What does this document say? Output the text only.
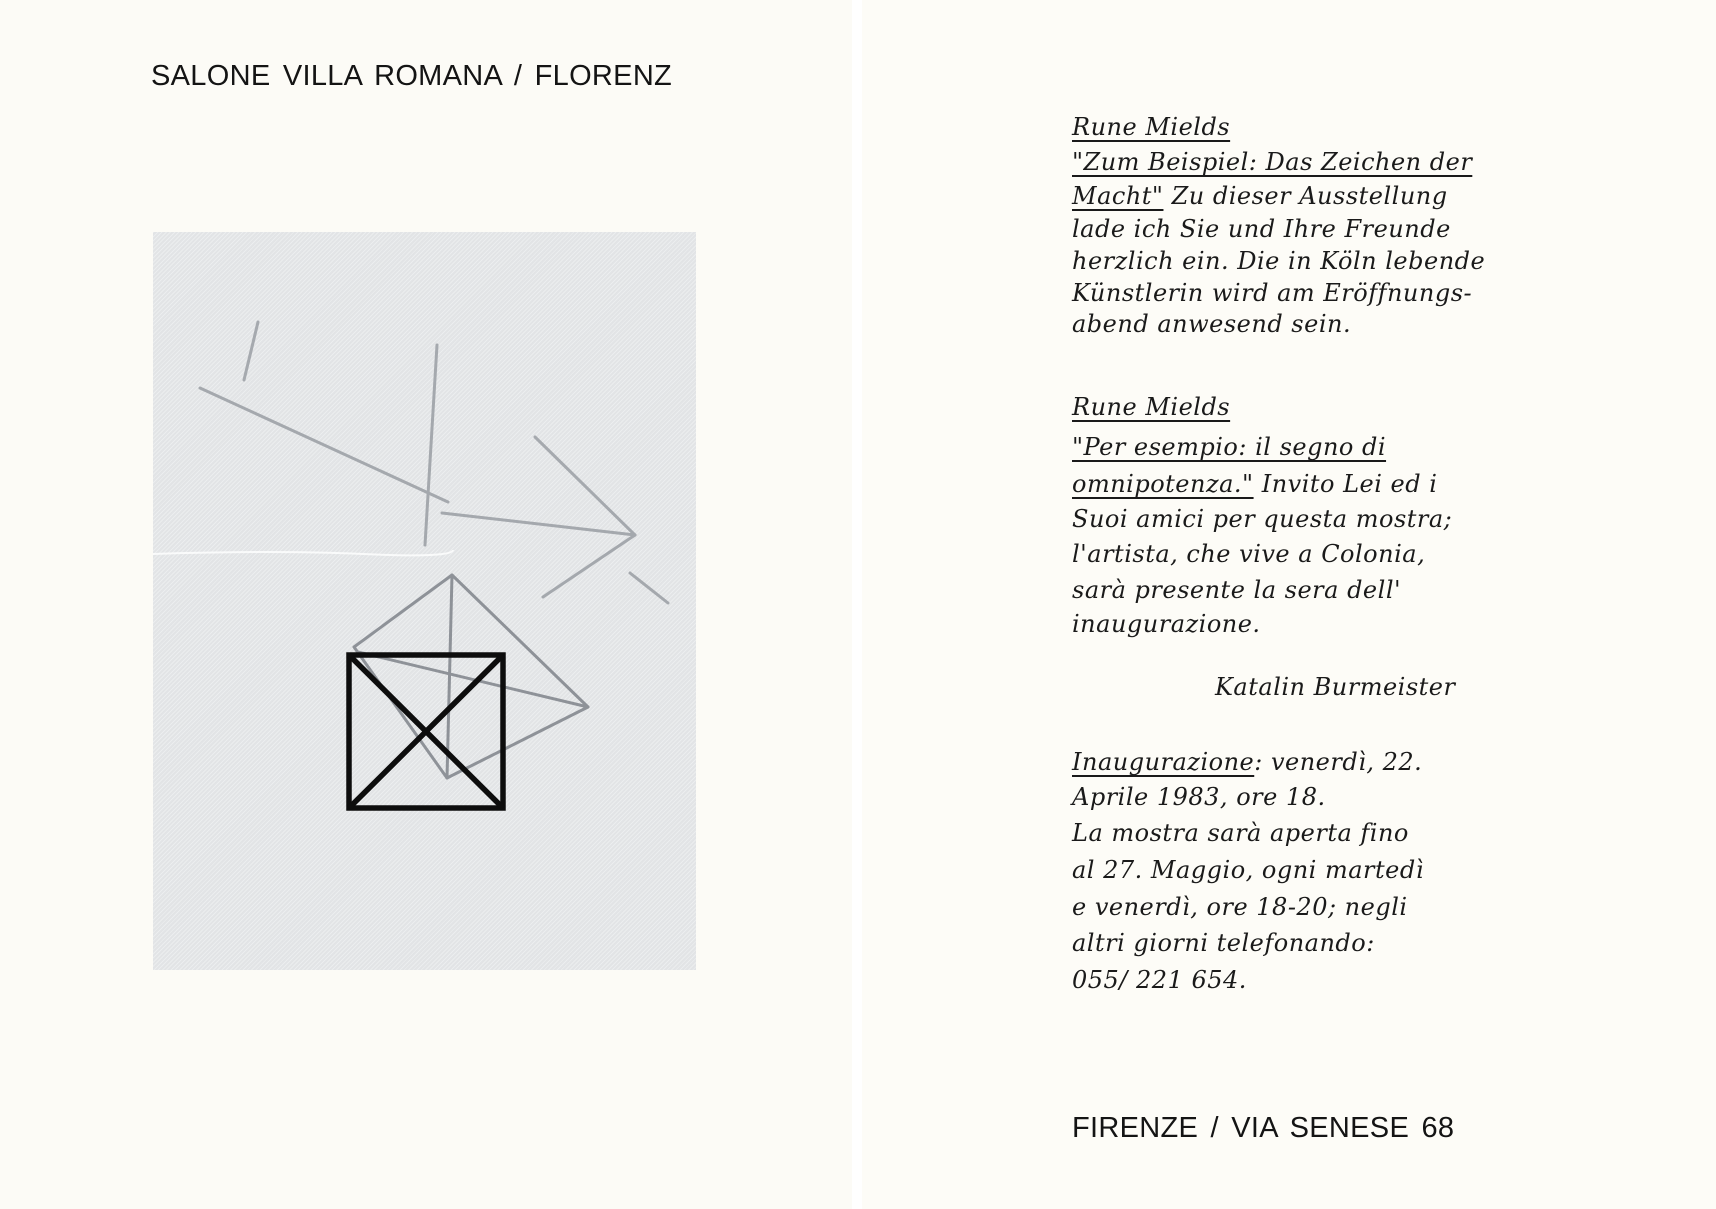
SALONE VILLA ROMANA / FLORENZ
Rune Mields
"Zum Beispiel: Das Zeichen der
Macht" Zu dieser Ausstellung
lade ich Sie und Ihre Freunde
herzlich ein. Die in Köln lebende
Künstlerin wird am Eröffnungs-
abend anwesend sein.
Rune Mields
"Per esempio: il segno di
omnipotenza." Invito Lei ed i
Suoi amici per questa mostra;
l'artista, che vive a Colonia,
sarà presente la sera dell'
inaugurazione.
Katalin Burmeister
Inaugurazione: venerdì, 22.
Aprile 1983, ore 18.
La mostra sarà aperta fino
al 27. Maggio, ogni martedì
e venerdì, ore 18-20; negli
altri giorni telefonando:
055/ 221 654.
FIRENZE / VIA SENESE 68
